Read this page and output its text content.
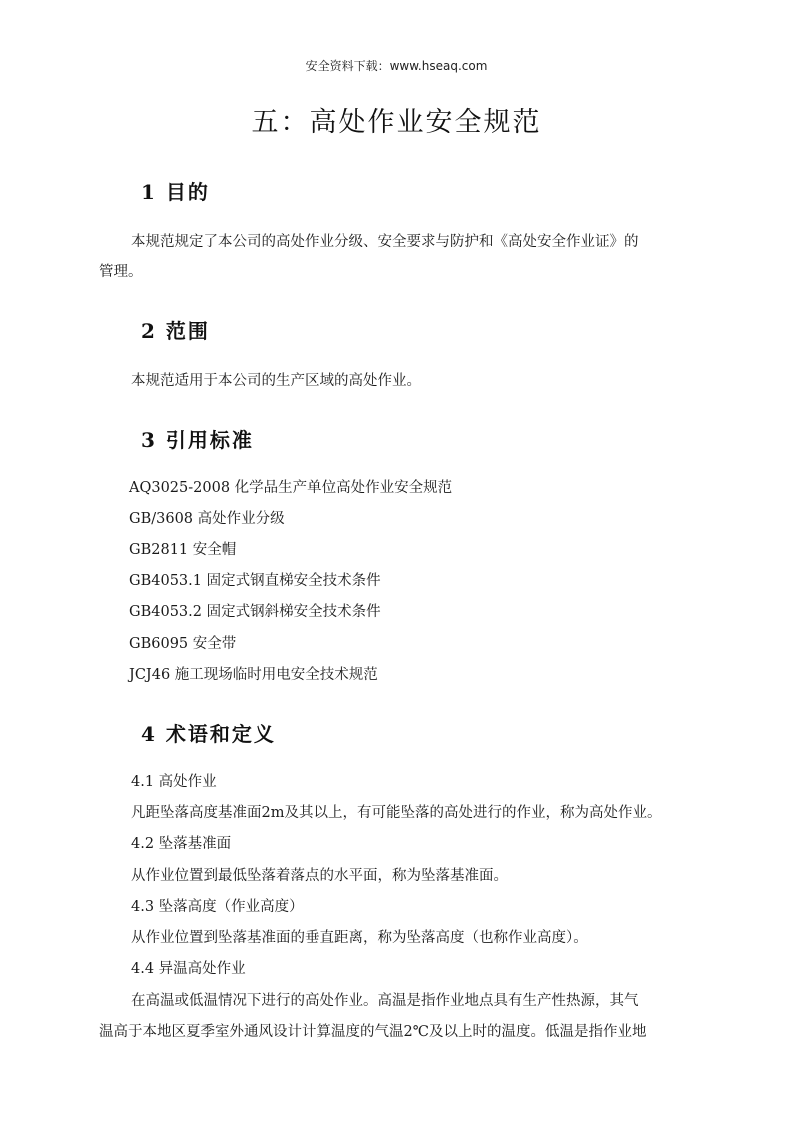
安全资料下载：www.hseaq.com
五：高处作业安全规范
1 目的
本规范规定了本公司的高处作业分级、安全要求与防护和《高处安全作业证》的
管理。
2 范围
本规范适用于本公司的生产区域的高处作业。
3 引用标准
AQ3025-2008 化学品生产单位高处作业安全规范
GB/3608 高处作业分级
GB2811 安全帽
GB4053.1 固定式钢直梯安全技术条件
GB4053.2 固定式钢斜梯安全技术条件
GB6095 安全带
JCJ46 施工现场临时用电安全技术规范
4 术语和定义
4.1 高处作业
凡距坠落高度基准面2m及其以上，有可能坠落的高处进行的作业，称为高处作业。
4.2 坠落基准面
从作业位置到最低坠落着落点的水平面，称为坠落基准面。
4.3 坠落高度（作业高度）
从作业位置到坠落基准面的垂直距离，称为坠落高度（也称作业高度）。
4.4 异温高处作业
在高温或低温情况下进行的高处作业。高温是指作业地点具有生产性热源，其气
温高于本地区夏季室外通风设计计算温度的气温2℃及以上时的温度。低温是指作业地
